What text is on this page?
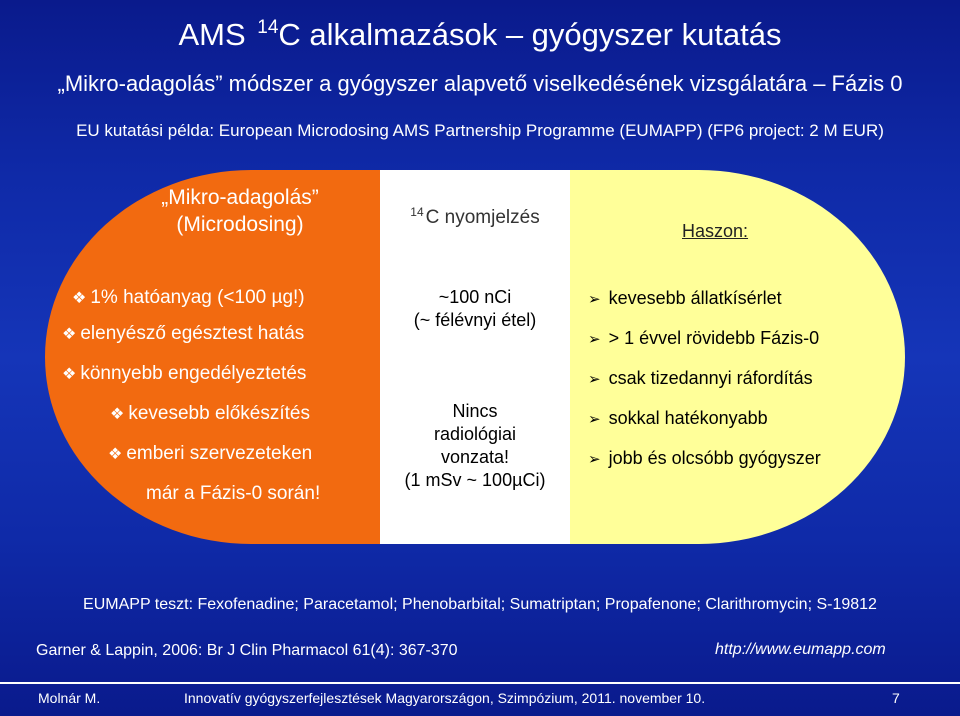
AMS $^{14}$C alkalmazások – gyógyszer kutatás
„Mikro-adagolás” módszer a gyógyszer alapvető viselkedésének vizsgálatára – Fázis 0
EU kutatási példa: European Microdosing AMS Partnership Programme (EUMAPP) (FP6 project: 2 M EUR)
„Mikro-adagolás”
(Microdosing)
❖ 1% hatóanyag (<100 µg!)
❖ elenyésző egésztest hatás
❖ könnyebb engedélyeztetés
❖ kevesebb előkészítés
❖ emberi szervezeteken
már a Fázis-0 során!
$^{14}$ C nyomjelzés
~100 nCi
(~ félévnyi étel)
Nincs
radiológiai
vonzata!
(1 mSv ~ 100µCi)
Haszon:
➢ kevesebb állatkísérlet
➢ > 1 évvel rövidebb Fázis-0
➢ csak tizedannyi ráfordítás
➢ sokkal hatékonyabb
➢ jobb és olcsóbb gyógyszer
EUMAPP teszt: Fexofenadine; Paracetamol; Phenobarbital; Sumatriptan; Propafenone; Clarithromycin; S-19812
Garner & Lappin, 2006: Br J Clin Pharmacol 61(4): 367-370	http://www.eumapp.com
Molnár M.	Innovatív gyógyszerfejlesztések Magyarországon, Szimpózium, 2011. november 10.	7
